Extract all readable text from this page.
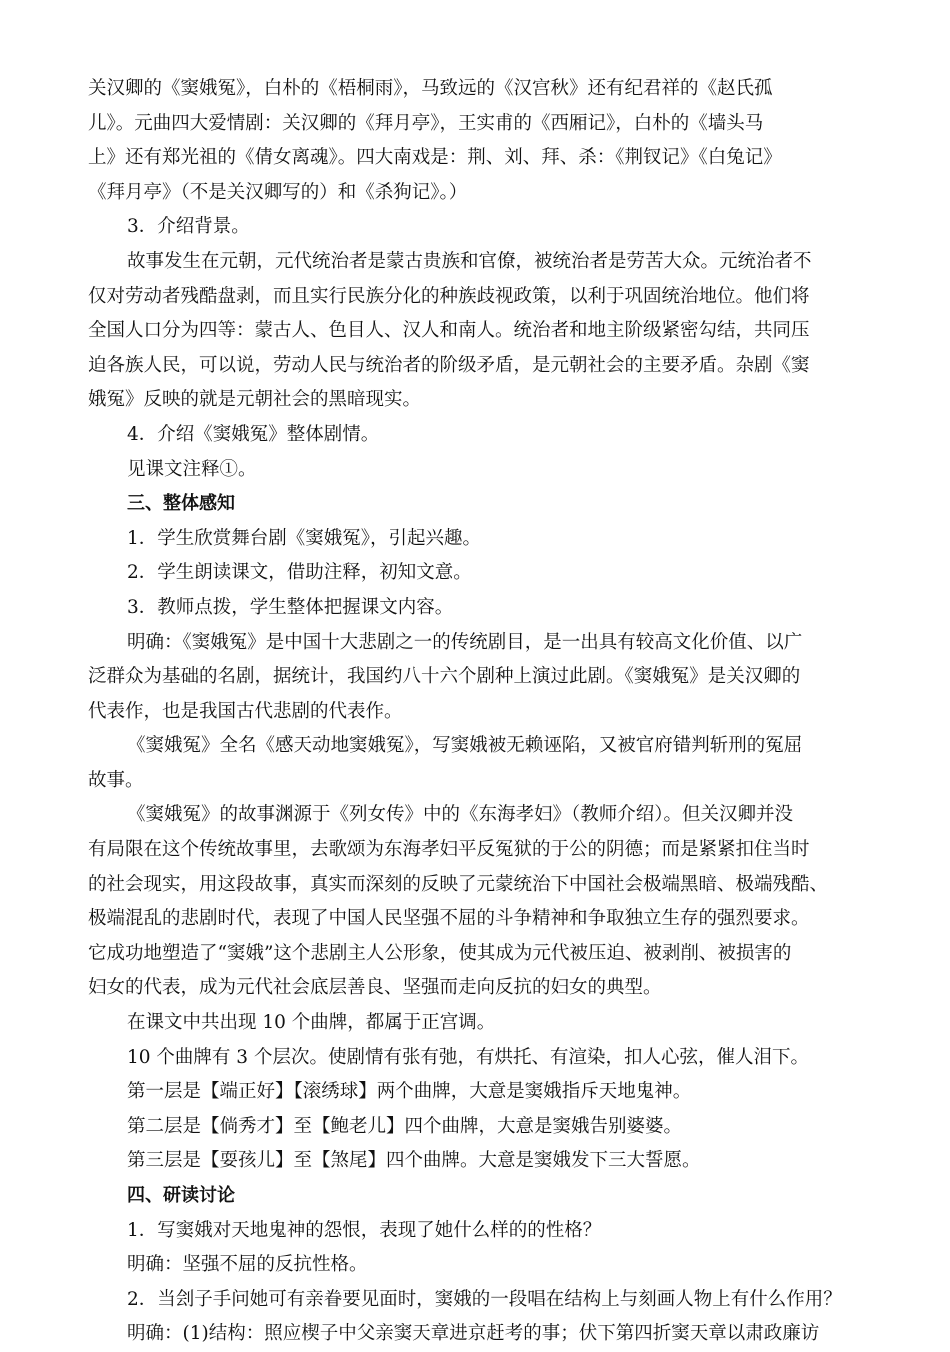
关汉卿的《窦娥冤》，白朴的《梧桐雨》，马致远的《汉宫秋》还有纪君祥的《赵氏孤
儿》。元曲四大爱情剧：关汉卿的《拜月亭》，王实甫的《西厢记》，白朴的《墙头马
上》还有郑光祖的《倩女离魂》。四大南戏是：荆、刘、拜、杀：《荆钗记》《白兔记》
《拜月亭》（不是关汉卿写的）和《杀狗记》。）
3．介绍背景。
故事发生在元朝，元代统治者是蒙古贵族和官僚，被统治者是劳苦大众。元统治者不
仅对劳动者残酷盘剥，而且实行民族分化的种族歧视政策，以利于巩固统治地位。他们将
全国人口分为四等：蒙古人、色目人、汉人和南人。统治者和地主阶级紧密勾结，共同压
迫各族人民，可以说，劳动人民与统治者的阶级矛盾，是元朝社会的主要矛盾。杂剧《窦
娥冤》反映的就是元朝社会的黑暗现实。
4．介绍《窦娥冤》整体剧情。
见课文注释①。
三、整体感知
1．学生欣赏舞台剧《窦娥冤》，引起兴趣。
2．学生朗读课文，借助注释，初知文意。
3．教师点拨，学生整体把握课文内容。
明确：《窦娥冤》是中国十大悲剧之一的传统剧目，是一出具有较高文化价值、以广
泛群众为基础的名剧，据统计，我国约八十六个剧种上演过此剧。《窦娥冤》是关汉卿的
代表作，也是我国古代悲剧的代表作。
《窦娥冤》全名《感天动地窦娥冤》，写窦娥被无赖诬陷，又被官府错判斩刑的冤屈
故事。
《窦娥冤》的故事渊源于《列女传》中的《东海孝妇》（教师介绍）。但关汉卿并没
有局限在这个传统故事里，去歌颂为东海孝妇平反冤狱的于公的阴德；而是紧紧扣住当时
的社会现实，用这段故事，真实而深刻的反映了元蒙统治下中国社会极端黑暗、极端残酷、
极端混乱的悲剧时代，表现了中国人民坚强不屈的斗争精神和争取独立生存的强烈要求。
它成功地塑造了“窦娥”这个悲剧主人公形象，使其成为元代被压迫、被剥削、被损害的
妇女的代表，成为元代社会底层善良、坚强而走向反抗的妇女的典型。
在课文中共出现 10 个曲牌，都属于正宫调。
10 个曲牌有 3 个层次。使剧情有张有弛，有烘托、有渲染，扣人心弦，催人泪下。
第一层是【端正好】【滚绣球】两个曲牌，大意是窦娥指斥天地鬼神。
第二层是【倘秀才】至【鲍老儿】四个曲牌，大意是窦娥告别婆婆。
第三层是【耍孩儿】至【煞尾】四个曲牌。大意是窦娥发下三大誓愿。
四、研读讨论
1．写窦娥对天地鬼神的怨恨，表现了她什么样的的性格？
明确：坚强不屈的反抗性格。
2．当刽子手问她可有亲眷要见面时，窦娥的一段唱在结构上与刻画人物上有什么作用？
明确：(1)结构：照应楔子中父亲窦天章进京赶考的事；伏下第四折窦天章以肃政廉访
